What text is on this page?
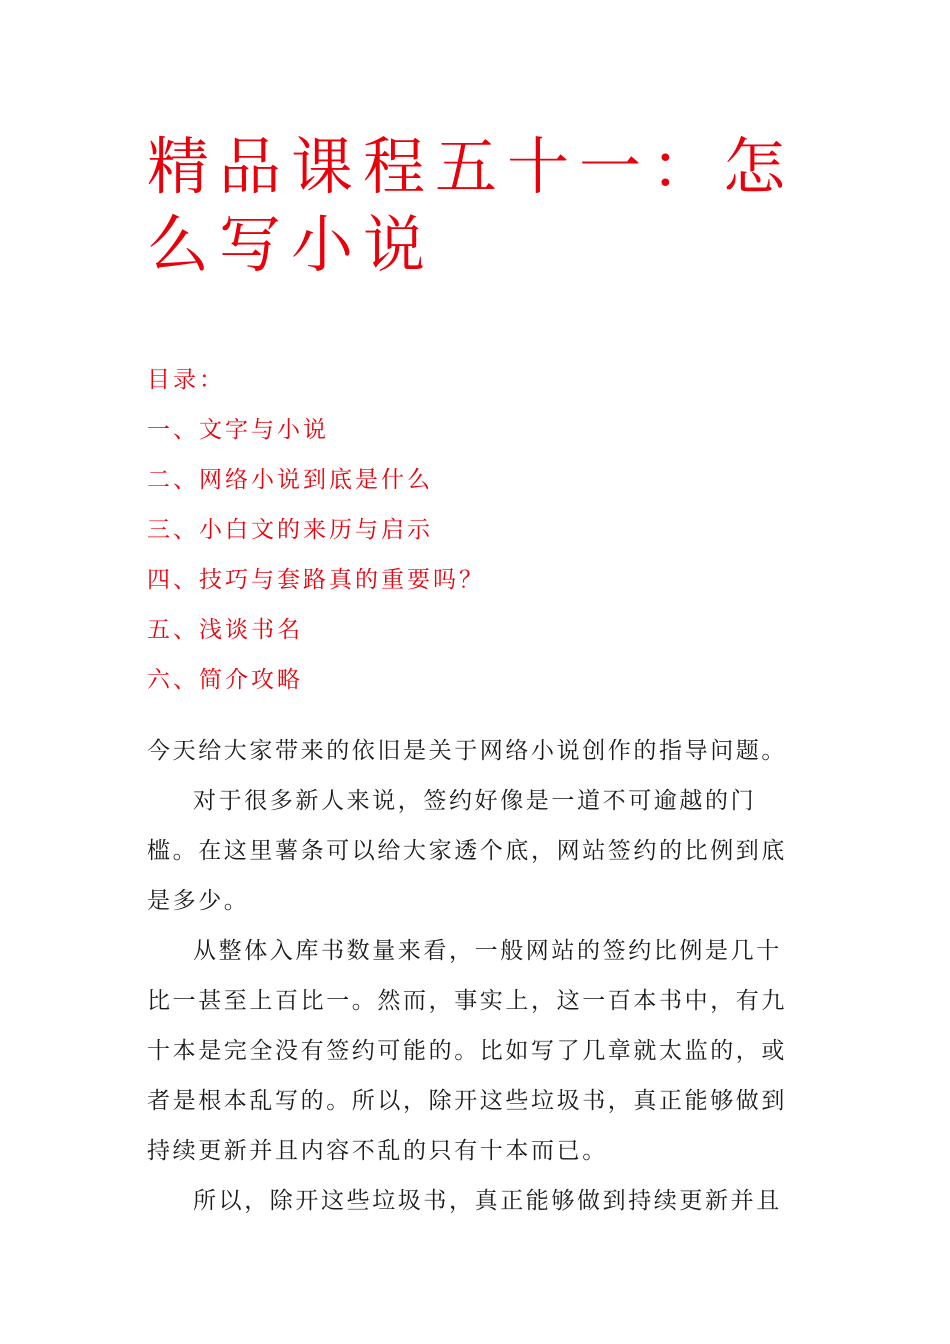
精品课程五十一：怎么写小说
目录：
一、文字与小说
二、网络小说到底是什么
三、小白文的来历与启示
四、技巧与套路真的重要吗？
五、浅谈书名
六、简介攻略

今天给大家带来的依旧是关于网络小说创作的指导问题。

对于很多新人来说，签约好像是一道不可逾越的门槛。在这里薯条可以给大家透个底，网站签约的比例到底是多少。

从整体入库书数量来看，一般网站的签约比例是几十比一甚至上百比一。然而，事实上，这一百本书中，有九十本是完全没有签约可能的。比如写了几章就太监的，或者是根本乱写的。所以，除开这些垃圾书，真正能够做到持续更新并且内容不乱的只有十本而已。

所以，除开这些垃圾书，真正能够做到持续更新并且
